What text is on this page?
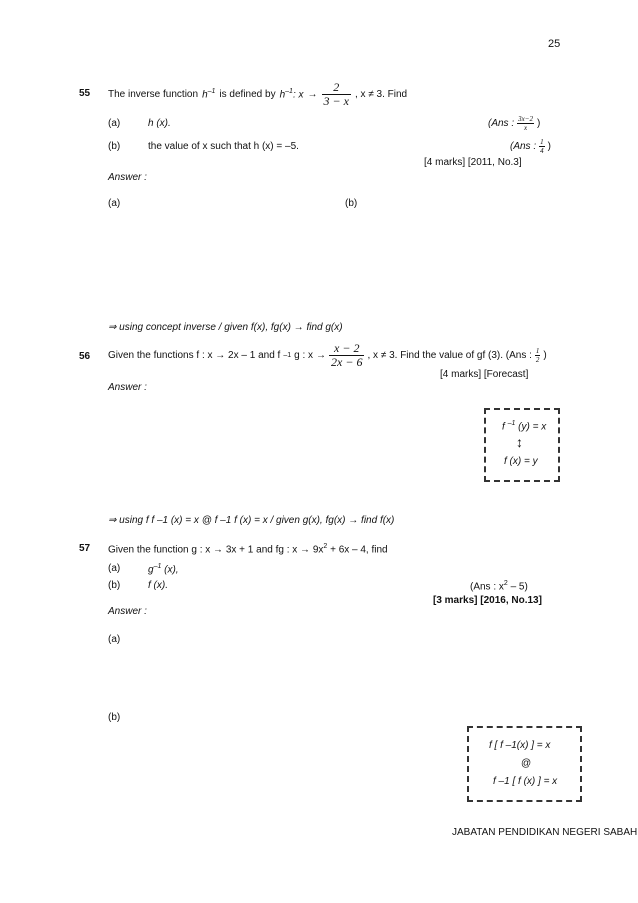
25
55 The inverse function $h^{-1}$ is defined by $h^{-1}$: $x \to \frac{2}{3 - x}$ , x ≠ 3. Find
(a)	h (x).	(Ans : $\frac{3x-2}{x}$ )
(b)	the value of x such that h (x) = –5.	(Ans : $\frac{1}{4}$ )
[4 marks] [2011, No.3]
Answer :
(a)	(b)
⇒ using concept inverse / given f(x), fg(x) → find g(x)
56 Given the functions f : x → 2x – 1 and f –1 g : $x \to \frac{x - 2}{2x - 6}$ , x ≠ 3. Find the value of gf (3). (Ans : $\frac{1}{2}$ )
[4 marks] [Forecast]
Answer :
f $^{-1}$ (y) = x
↕
f (x) = y
⇒ using f f –1 (x) = x @ f –1 f (x) = x / given g(x), fg(x) → find f(x)
57 Given the function g : x → 3x + 1 and fg : $x \to 9x^2 + 6x - 4$, find
(a)	$g^{-1}$ (x),
(b)	f (x).	(Ans : $x^2 - 5$)
[3 marks] [2016, No.13]
Answer :
(a)
(b)
f [ f –1(x) ] = x
@
f –1 [ f (x) ] = x
JABATAN PENDIDIKAN NEGERI SABAH
